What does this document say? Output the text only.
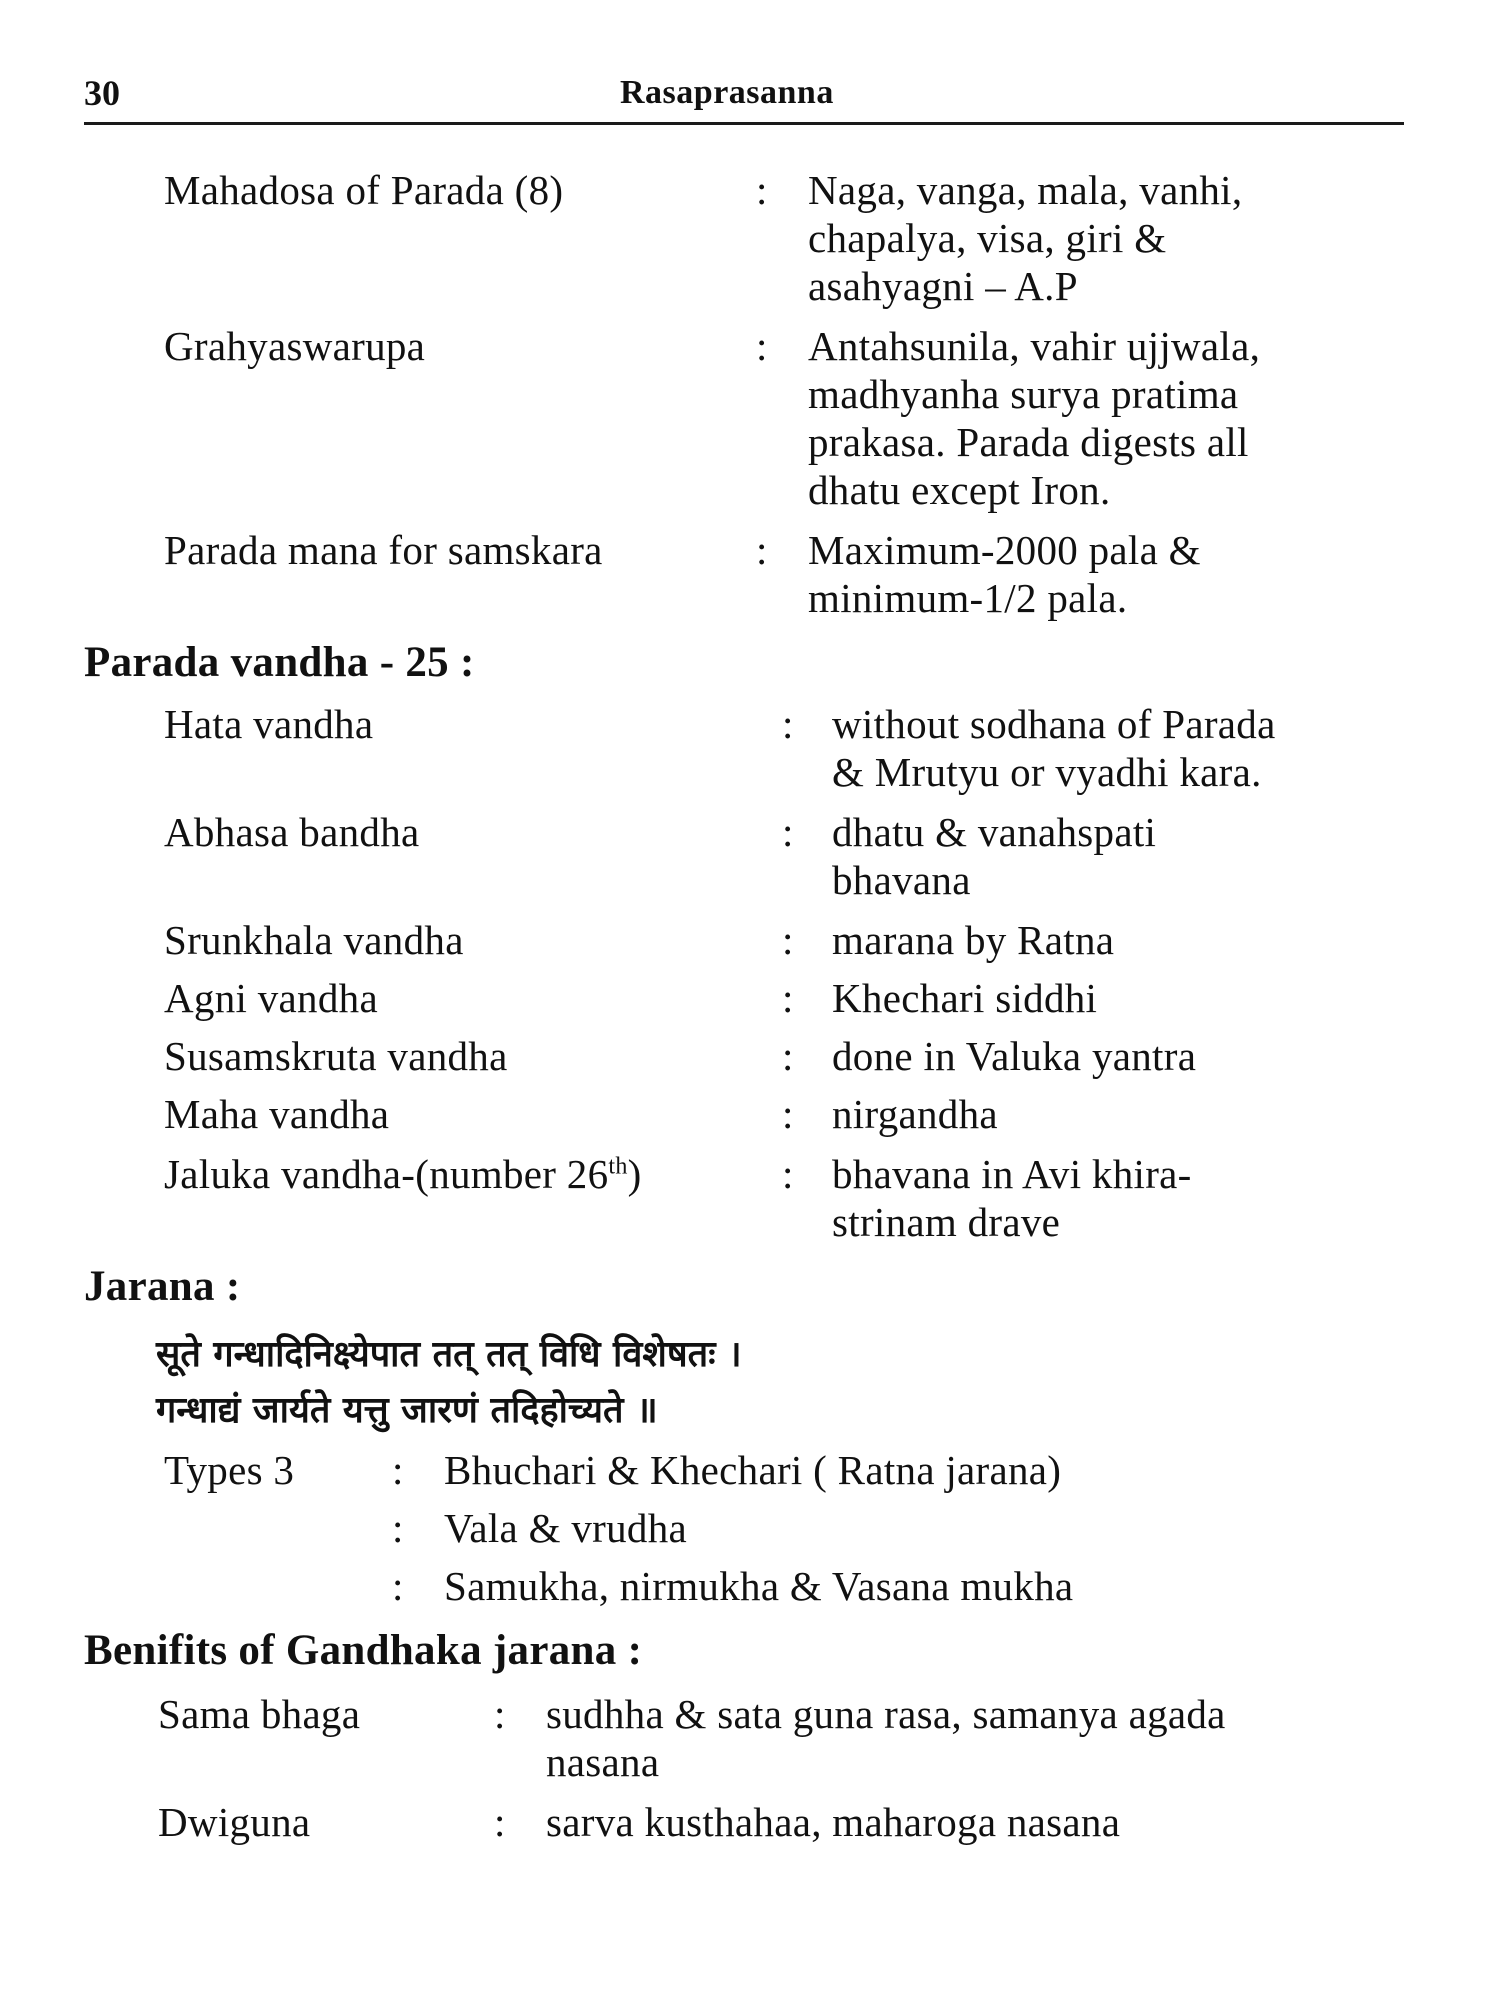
30	Rasaprasanna
Mahadosa of Parada (8)	: Naga, vanga, mala, vanhi,
chapalya, visa, giri &
asahyagni – A.P
Grahyaswarupa	: Antahsunila, vahir ujjwala,
madhyanha surya pratima
prakasa. Parada digests all
dhatu except Iron.
Parada mana for samskara	: Maximum-2000 pala &
minimum-1/2 pala.
Parada vandha - 25 :
Hata vandha	: without sodhana of Parada
& Mrutyu or vyadhi kara.
Abhasa bandha	: dhatu & vanahspati
bhavana
Srunkhala vandha	: marana by Ratna
Agni vandha	: Khechari siddhi
Susamskruta vandha	: done in Valuka yantra
Maha vandha	: nirgandha
Jaluka vandha-(number 26th)	: bhavana in Avi khira-
strinam drave
Jarana :
सूते गन्धादिनिक्ष्येपात तत् तत् विधि विशेषतः ।
गन्धाद्यं जार्यते यत्तु जारणं तदिहोच्यते ॥
Types 3 : Bhuchari & Khechari ( Ratna jarana)
: Vala & vrudha
: Samukha, nirmukha & Vasana mukha
Benifits of Gandhaka jarana :
Sama bhaga	: sudhha & sata guna rasa, samanya agada
nasana
Dwiguna	: sarva kusthahaa, maharoga nasana
